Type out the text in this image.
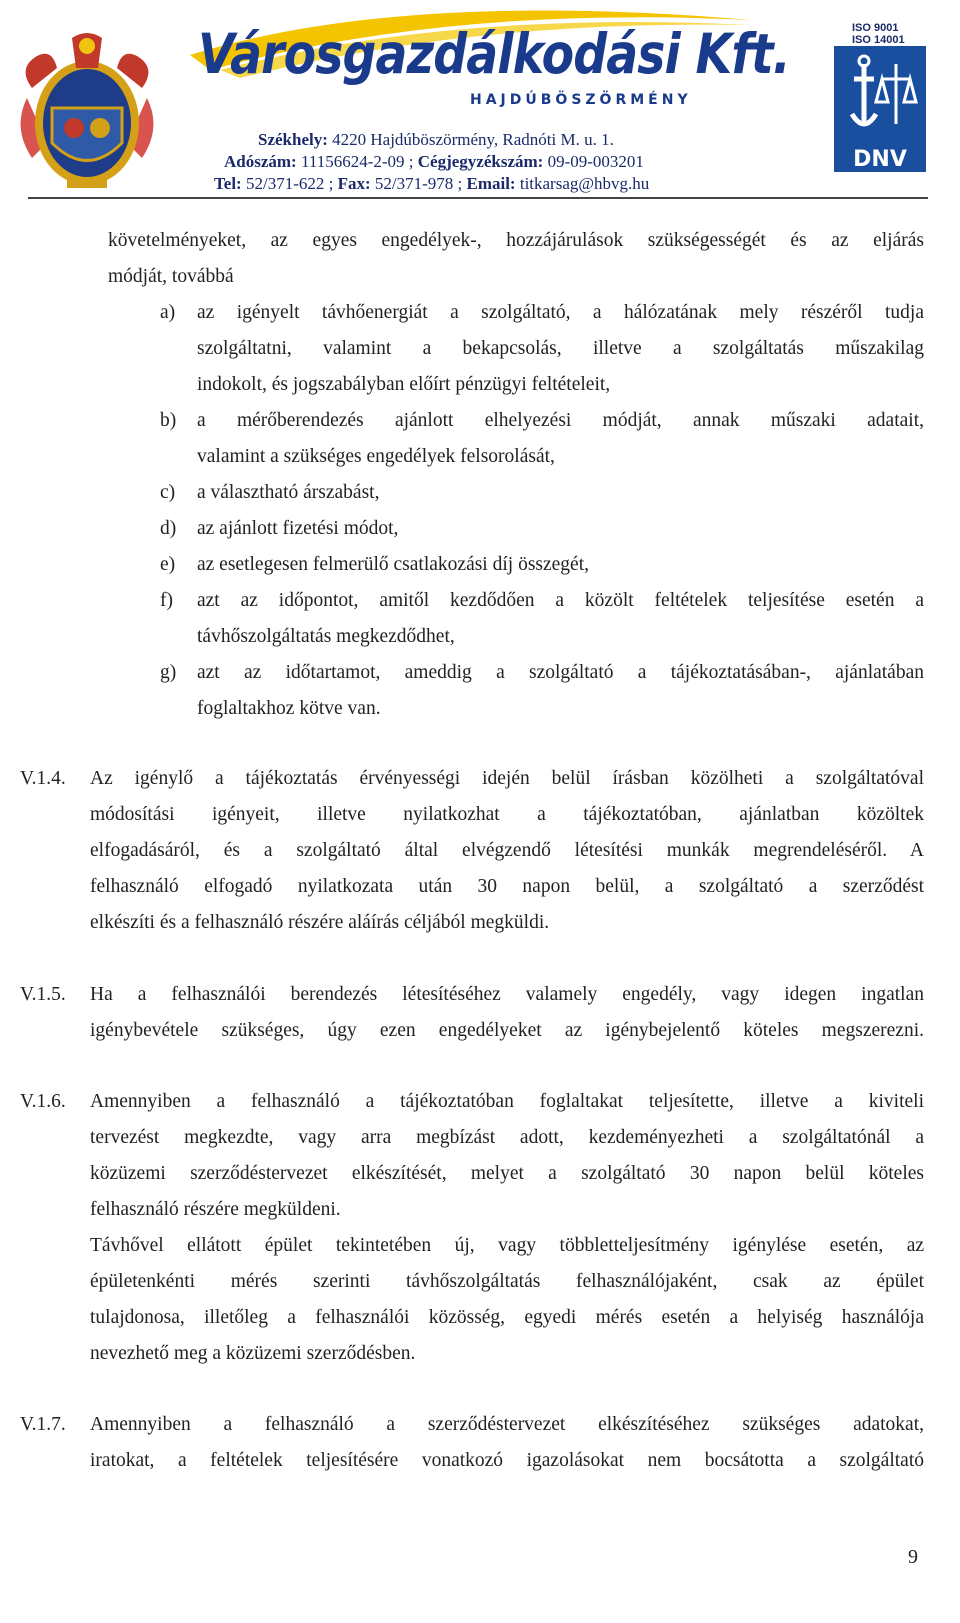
Városgazdálkodási Kft.
HAJDÚBÖSZÖRMÉNY
Székhely: 4220 Hajdúböszörmény, Radnóti M. u. 1.
Adószám: 11156624-2-09 ; Cégjegyzékszám: 09-09-003201
Tel: 52/371-622 ; Fax: 52/371-978 ; Email: titkarsag@hbvg.hu
ISO 9001
ISO 14001
DNV
követelményeket, az egyes engedélyek-, hozzájárulások szükségességét és az eljárás
módját, továbbá
a) az igényelt távhőenergiát a szolgáltató, a hálózatának mely részéről tudja
szolgáltatni, valamint a bekapcsolás, illetve a szolgáltatás műszakilag
indokolt, és jogszabályban előírt pénzügyi feltételeit,
b) a mérőberendezés ajánlott elhelyezési módját, annak műszaki adatait,
valamint a szükséges engedélyek felsorolását,
c) a választható árszabást,
d) az ajánlott fizetési módot,
e) az esetlegesen felmerülő csatlakozási díj összegét,
f) azt az időpontot, amitől kezdődően a közölt feltételek teljesítése esetén a
távhőszolgáltatás megkezdődhet,
g) azt az időtartamot, ameddig a szolgáltató a tájékoztatásában-, ajánlatában
foglaltakhoz kötve van.
V.1.4. Az igénylő a tájékoztatás érvényességi idején belül írásban közölheti a szolgáltatóval
módosítási igényeit, illetve nyilatkozhat a tájékoztatóban, ajánlatban közöltek
elfogadásáról, és a szolgáltató által elvégzendő létesítési munkák megrendeléséről. A
felhasználó elfogadó nyilatkozata után 30 napon belül, a szolgáltató a szerződést
elkészíti és a felhasználó részére aláírás céljából megküldi.
V.1.5. Ha a felhasználói berendezés létesítéséhez valamely engedély, vagy idegen ingatlan
igénybevétele szükséges, úgy ezen engedélyeket az igénybejelentő köteles megszerezni.
V.1.6. Amennyiben a felhasználó a tájékoztatóban foglaltakat teljesítette, illetve a kiviteli
tervezést megkezdte, vagy arra megbízást adott, kezdeményezheti a szolgáltatónál a
közüzemi szerződéstervezet elkészítését, melyet a szolgáltató 30 napon belül köteles
felhasználó részére megküldeni.
Távhővel ellátott épület tekintetében új, vagy többletteljesítmény igénylése esetén, az
épületenkénti mérés szerinti távhőszolgáltatás felhasználójaként, csak az épület
tulajdonosa, illetőleg a felhasználói közösség, egyedi mérés esetén a helyiség használója
nevezhető meg a közüzemi szerződésben.
V.1.7. Amennyiben a felhasználó a szerződéstervezet elkészítéséhez szükséges adatokat,
iratokat, a feltételek teljesítésére vonatkozó igazolásokat nem bocsátotta a szolgáltató
9
